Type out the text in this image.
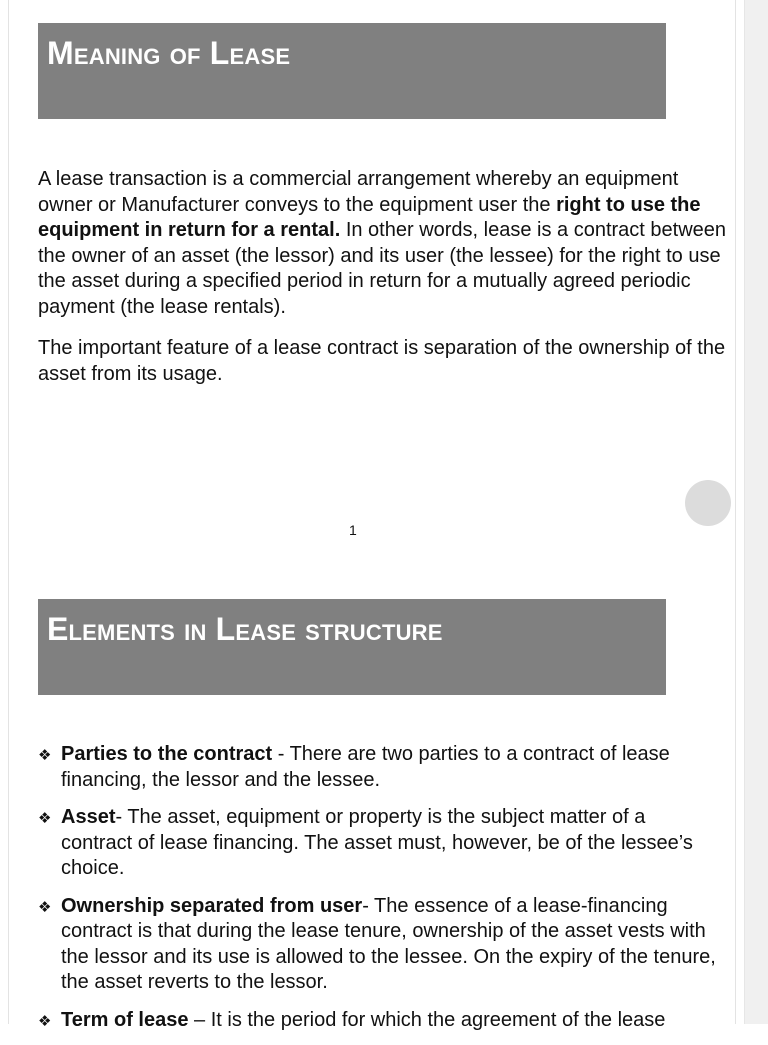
Meaning of Lease

A lease transaction is a commercial arrangement whereby an equipment owner or Manufacturer conveys to the equipment user the right to use the equipment in return for a rental. In other words, lease is a contract between the owner of an asset (the lessor) and its user (the lessee) for the right to use the asset during a specified period in return for a mutually agreed periodic payment (the lease rentals).

The important feature of a lease contract is separation of the ownership of the asset from its usage.

1
Elements in Lease structure
❖ Parties to the contract - There are two parties to a contract of lease financing, the lessor and the lessee.
❖ Asset- The asset, equipment or property is the subject matter of a contract of lease financing. The asset must, however, be of the lessee’s choice.
❖ Ownership separated from user- The essence of a lease-financing contract is that during the lease tenure, ownership of the asset vests with the lessor and its use is allowed to the lessee. On the expiry of the tenure, the asset reverts to the lessor.
❖ Term of lease – It is the period for which the agreement of the lease
